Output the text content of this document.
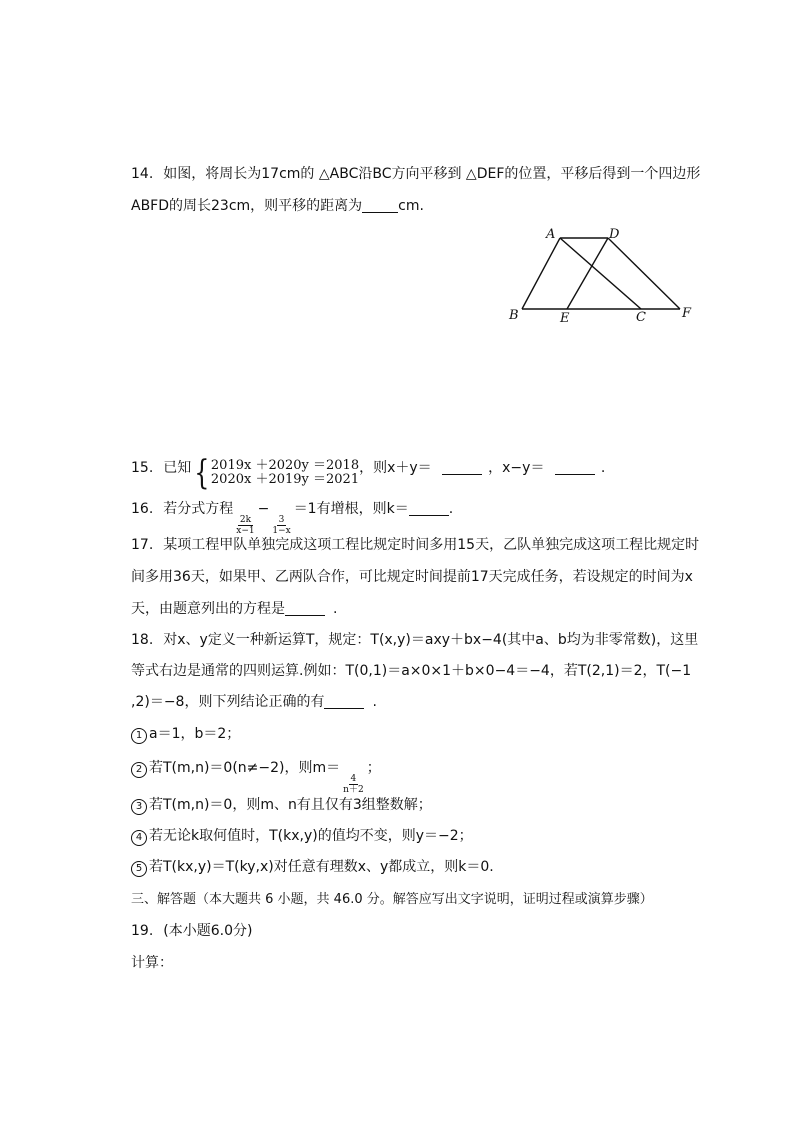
14. 如图，将周长为17cm的 △ABC沿BC方向平移到 △DEF的位置，平移后得到一个四边形
ABFD的周长23cm，则平移的距离为	cm.
A	D
B	E	C	F
15. 已知 { 2019x ＋2020y ＝2018
2020x ＋2019y ＝2021
，则x＋y＝	，x−y＝	.
16. 若分式方程
$\frac{2k}{x-1}$
−
$\frac{3}{1-x}$
＝1有增根，则k＝	.
17. 某项工程甲队单独完成这项工程比规定时间多用15天，乙队单独完成这项工程比规定时
间多用36天，如果甲、乙两队合作，可比规定时间提前17天完成任务，若设规定的时间为x
天，由题意列出的方程是	.
18. 对x、y定义一种新运算T，规定：T(x,y)＝axy＋bx−4(其中a、b均为非零常数)，这里
等式右边是通常的四则运算.例如：T(0,1)＝a×0×1＋b×0−4＝−4，若T(2,1)＝2，T(−1
,2)＝−8，则下列结论正确的有	.
1 a＝1，b＝2；
2 若T(m,n)＝0(n≠−2)，则m＝
$\frac{4}{n+2}$
；
3 若T(m,n)＝0，则m、n有且仅有3组整数解；
4 若无论k取何值时，T(kx,y)的值均不变，则y＝−2；
5 若T(kx,y)＝T(ky,x)对任意有理数x、y都成立，则k＝0.
三、解答题（本大题共 6 小题，共 46.0 分。解答应写出文字说明，证明过程或演算步骤）
19. (本小题6.0分)
计算：
